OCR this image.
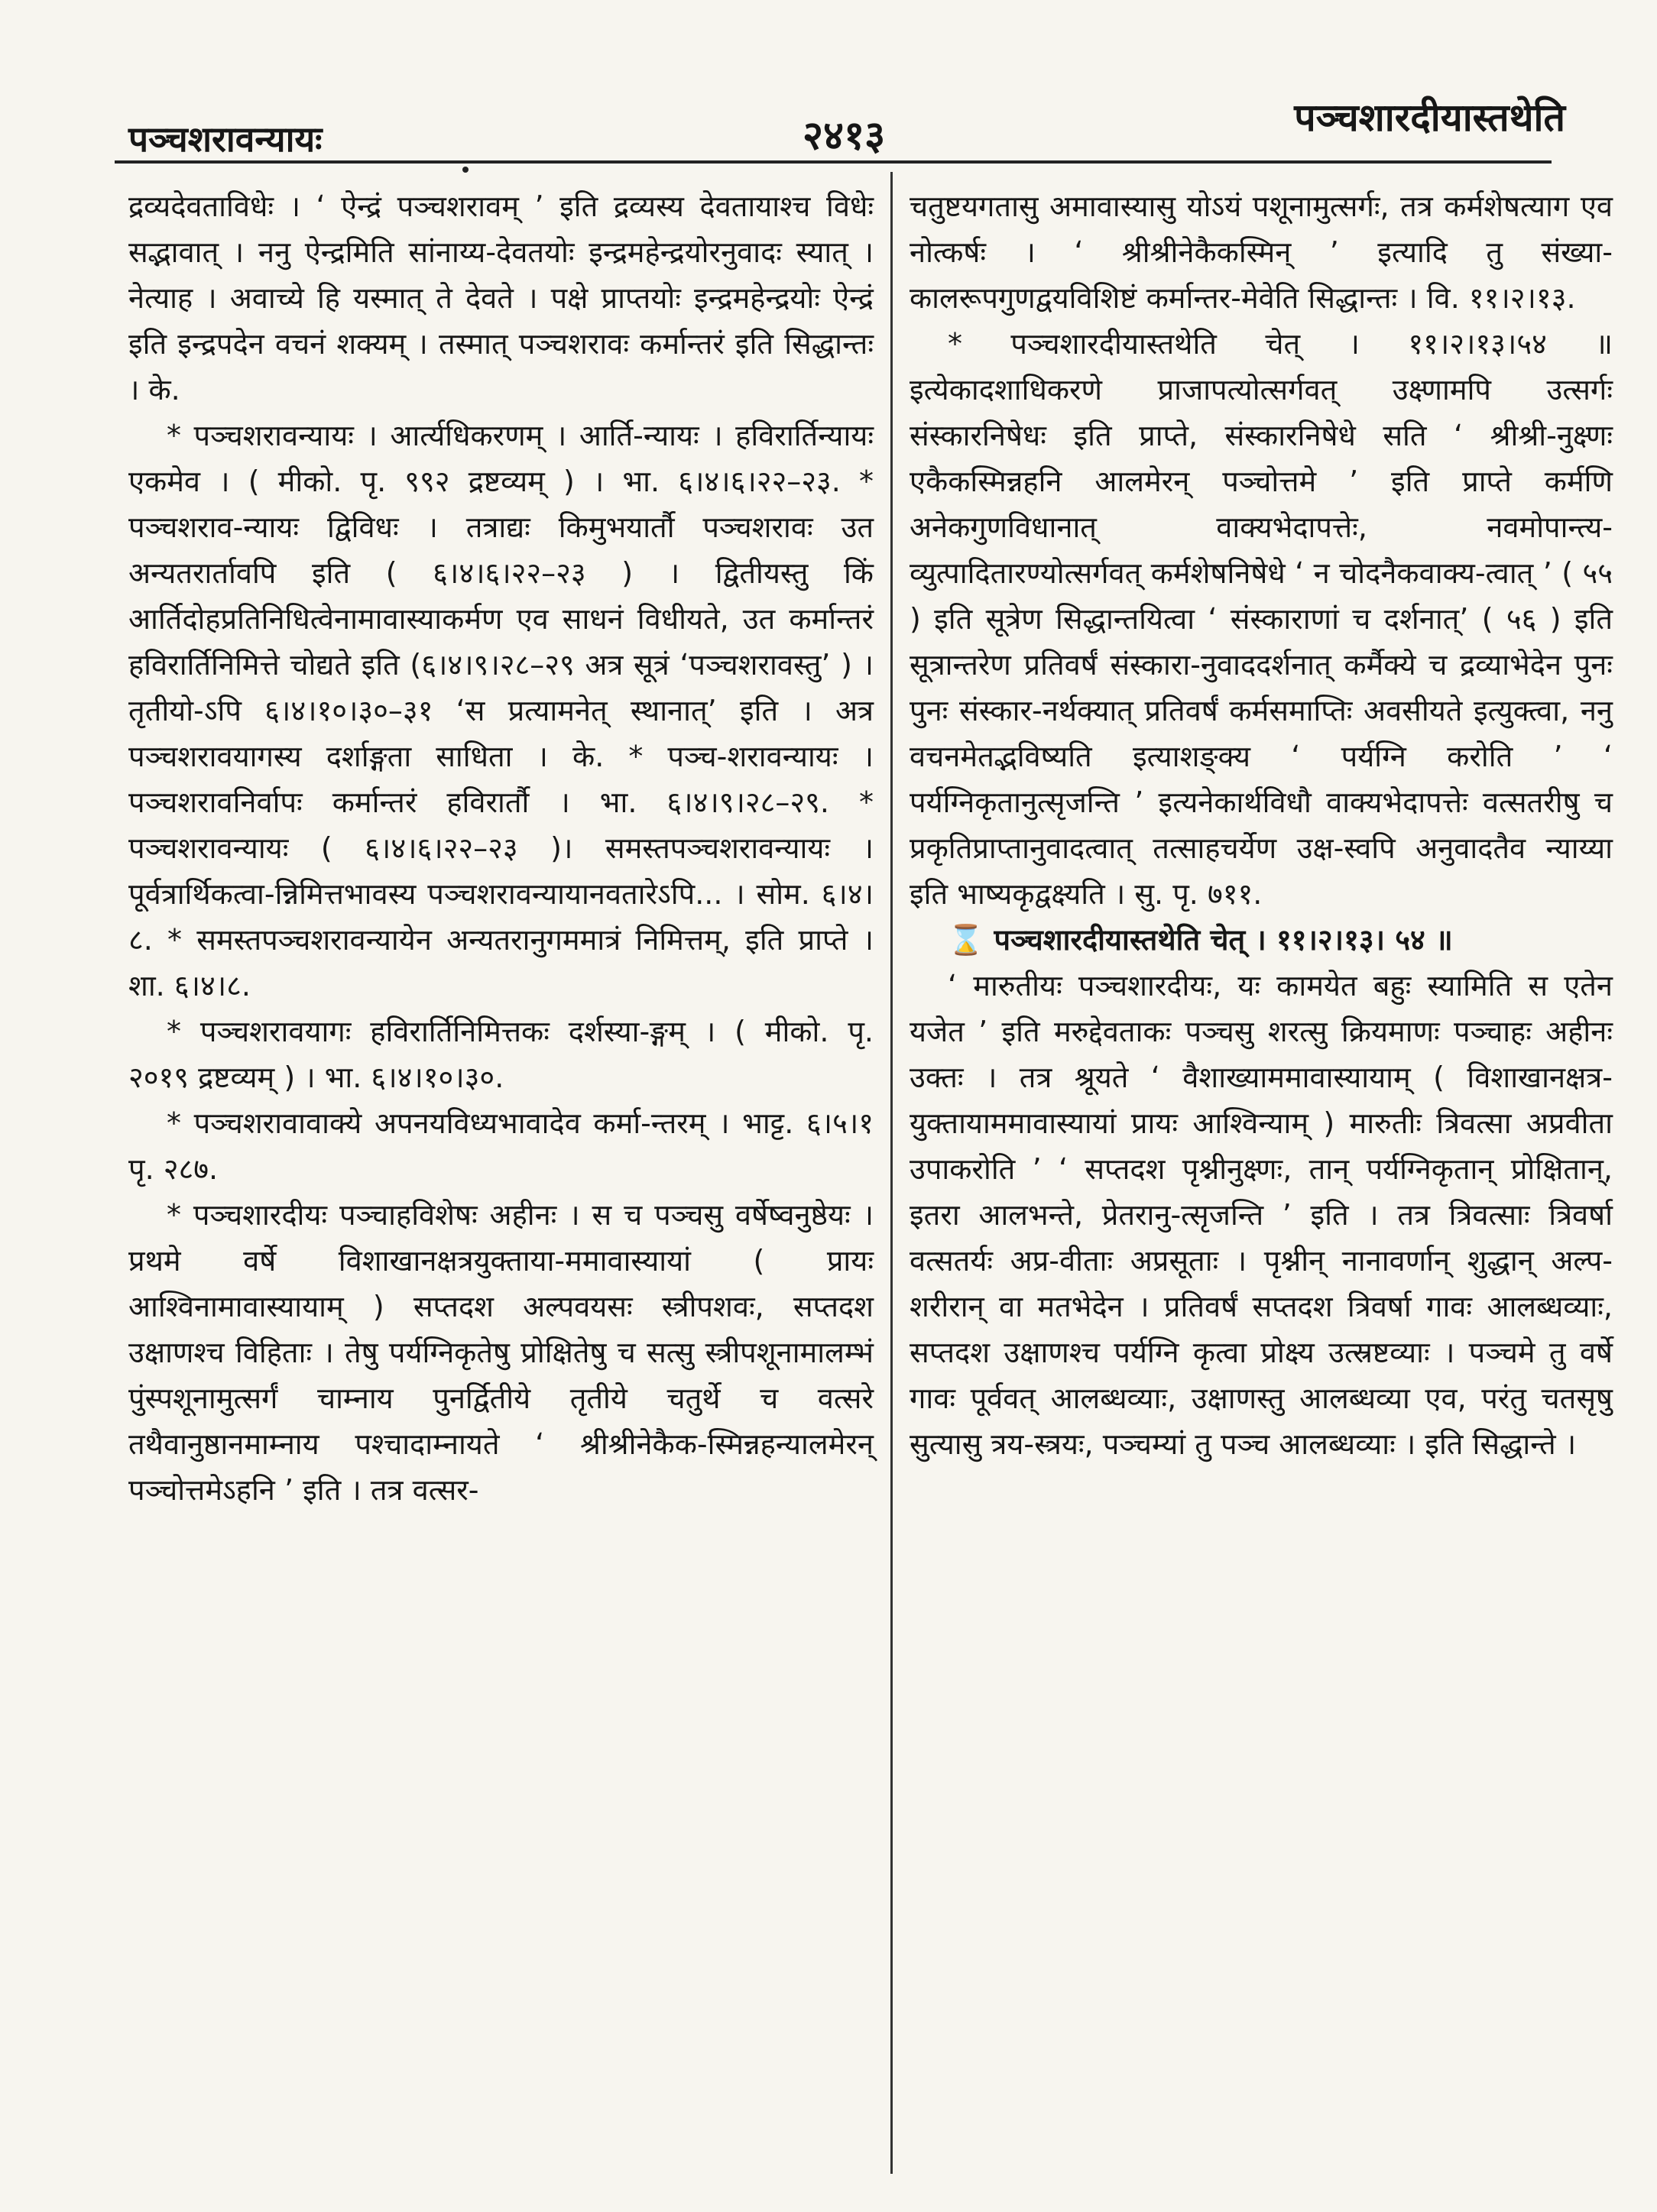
पञ्चशरावन्यायः	२४१३	पञ्चशारदीयास्तथेति

द्रव्यदेवताविधेः । ‘ ऐन्द्रं पञ्चशरावम् ’ इति द्रव्यस्य देवतायाश्च विधेः सद्भावात् । ननु ऐन्द्रमिति सांनाय्य-देवतयोः इन्द्रमहेन्द्रयोरनुवादः स्यात् । नेत्याह । अवाच्ये हि यस्मात् ते देवते । पक्षे प्राप्तयोः इन्द्रमहेन्द्रयोः ऐन्द्रं इति इन्द्रपदेन वचनं शक्यम् । तस्मात् पञ्चशरावः कर्मान्तरं इति सिद्धान्तः । के.

* पञ्चशरावन्यायः । आर्त्यधिकरणम् । आर्ति-न्यायः । हविरार्तिन्यायः एकमेव । ( मीको. पृ. ९९२ द्रष्टव्यम् ) । भा. ६।४।६।२२–२३. * पञ्चशराव-न्यायः द्विविधः । तत्राद्यः किमुभयार्तौ पञ्चशरावः उत अन्यतरार्तावपि इति ( ६।४।६।२२–२३ ) । द्वितीयस्तु किं आर्तिदोहप्रतिनिधित्वेनामावास्याकर्मण एव साधनं विधीयते, उत कर्मान्तरं हविरार्तिनिमित्ते चोद्यते इति (६।४।९।२८–२९ अत्र सूत्रं ‘पञ्चशरावस्तु’ ) । तृतीयो-ऽपि ६।४।१०।३०–३१ ‘स प्रत्यामनेत् स्थानात्’ इति । अत्र पञ्चशरावयागस्य दर्शाङ्गता साधिता । के. * पञ्च-शरावन्यायः । पञ्चशरावनिर्वापः कर्मान्तरं हविरार्तौ । भा. ६।४।९।२८–२९. * पञ्चशरावन्यायः ( ६।४।६।२२–२३ )। समस्तपञ्चशरावन्यायः । पूर्वत्रार्थिकत्वा-न्निमित्तभावस्य पञ्चशरावन्यायानवतारेऽपि... । सोम. ६।४।८. * समस्तपञ्चशरावन्यायेन अन्यतरानुगममात्रं निमित्तम्, इति प्राप्ते । शा. ६।४।८.

* पञ्चशरावयागः हविरार्तिनिमित्तकः दर्शस्या-ङ्गम् । ( मीको. पृ. २०१९ द्रष्टव्यम् ) । भा. ६।४।१०।३०.

* पञ्चशरावावाक्ये अपनयविध्यभावादेव कर्मा-न्तरम् । भाट्ट. ६।५।१ पृ. २८७.

* पञ्चशारदीयः पञ्चाहविशेषः अहीनः । स च पञ्चसु वर्षेष्वनुष्ठेयः । प्रथमे वर्षे विशाखानक्षत्रयुक्ताया-ममावास्यायां ( प्रायः आश्विनामावास्यायाम् ) सप्तदश अल्पवयसः स्त्रीपशवः, सप्तदश उक्षाणश्च विहिताः । तेषु पर्यग्निकृतेषु प्रोक्षितेषु च सत्सु स्त्रीपशूनामालम्भं पुंस्पशूनामुत्सर्गं चाम्नाय पुनर्द्वितीये तृतीये चतुर्थे च वत्सरे तथैवानुष्ठानमाम्नाय पश्चादाम्नायते ‘ श्रीश्रीनेकैक-स्मिन्नहन्यालमेरन् पञ्चोत्तमेऽहनि ’ इति । तत्र वत्सर-

चतुष्टयगतासु अमावास्यासु योऽयं पशूनामुत्सर्गः, तत्र कर्मशेषत्याग एव नोत्कर्षः । ‘ श्रीश्रीनेकैकस्मिन् ’ इत्यादि तु संख्या-कालरूपगुणद्वयविशिष्टं कर्मान्तर-मेवेति सिद्धान्तः । वि. ११।२।१३.

* पञ्चशारदीयास्तथेति चेत् । ११।२।१३।५४ ॥ इत्येकादशाधिकरणे प्राजापत्योत्सर्गवत् उक्ष्णामपि उत्सर्गः संस्कारनिषेधः इति प्राप्ते, संस्कारनिषेधे सति ‘ श्रीश्री-नुक्ष्णः एकैकस्मिन्नहनि आलमेरन् पञ्चोत्तमे ’ इति प्राप्ते कर्मणि अनेकगुणविधानात् वाक्यभेदापत्तेः, नवमोपान्त्य-व्युत्पादितारण्योत्सर्गवत् कर्मशेषनिषेधे ‘ न चोदनैकवाक्य-त्वात् ’ ( ५५ ) इति सूत्रेण सिद्धान्तयित्वा ‘ संस्काराणां च दर्शनात्’ ( ५६ ) इति सूत्रान्तरेण प्रतिवर्षं संस्कारा-नुवाददर्शनात् कर्मैक्ये च द्रव्याभेदेन पुनः पुनः संस्कार-नर्थक्यात् प्रतिवर्षं कर्मसमाप्तिः अवसीयते इत्युक्त्वा, ननु वचनमेतद्भविष्यति इत्याशङ्क्य ‘ पर्यग्नि करोति ’ ‘ पर्यग्निकृतानुत्सृजन्ति ’ इत्यनेकार्थविधौ वाक्यभेदापत्तेः वत्सतरीषु च प्रकृतिप्राप्तानुवादत्वात् तत्साहचर्येण उक्ष-स्वपि अनुवादतैव न्याय्या इति भाष्यकृद्वक्ष्यति । सु. पृ. ७११.

⌛ पञ्चशारदीयास्तथेति चेत् । ११।२।१३। ५४ ॥

‘ मारुतीयः पञ्चशारदीयः, यः कामयेत बहुः स्यामिति स एतेन यजेत ’ इति मरुद्देवताकः पञ्चसु शरत्सु क्रियमाणः पञ्चाहः अहीनः उक्तः । तत्र श्रूयते ‘ वैशाख्याममावास्यायाम् ( विशाखानक्षत्र-युक्तायाममावास्यायां प्रायः आश्विन्याम् ) मारुतीः त्रिवत्सा अप्रवीता उपाकरोति ’ ‘ सप्तदश पृश्नीनुक्ष्णः, तान् पर्यग्निकृतान् प्रोक्षितान्, इतरा आलभन्ते, प्रेतरानु-त्सृजन्ति ’ इति । तत्र त्रिवत्साः त्रिवर्षा वत्सतर्यः अप्र-वीताः अप्रसूताः । पृश्नीन् नानावर्णान् शुद्धान् अल्प-शरीरान् वा मतभेदेन । प्रतिवर्षं सप्तदश त्रिवर्षा गावः आलब्धव्याः, सप्तदश उक्षाणश्च पर्यग्नि कृत्वा प्रोक्ष्य उत्स्रष्टव्याः । पञ्चमे तु वर्षे गावः पूर्ववत् आलब्धव्याः, उक्षाणस्तु आलब्धव्या एव, परंतु चतसृषु सुत्यासु त्रय-स्त्रयः, पञ्चम्यां तु पञ्च आलब्धव्याः । इति सिद्धान्ते ।
